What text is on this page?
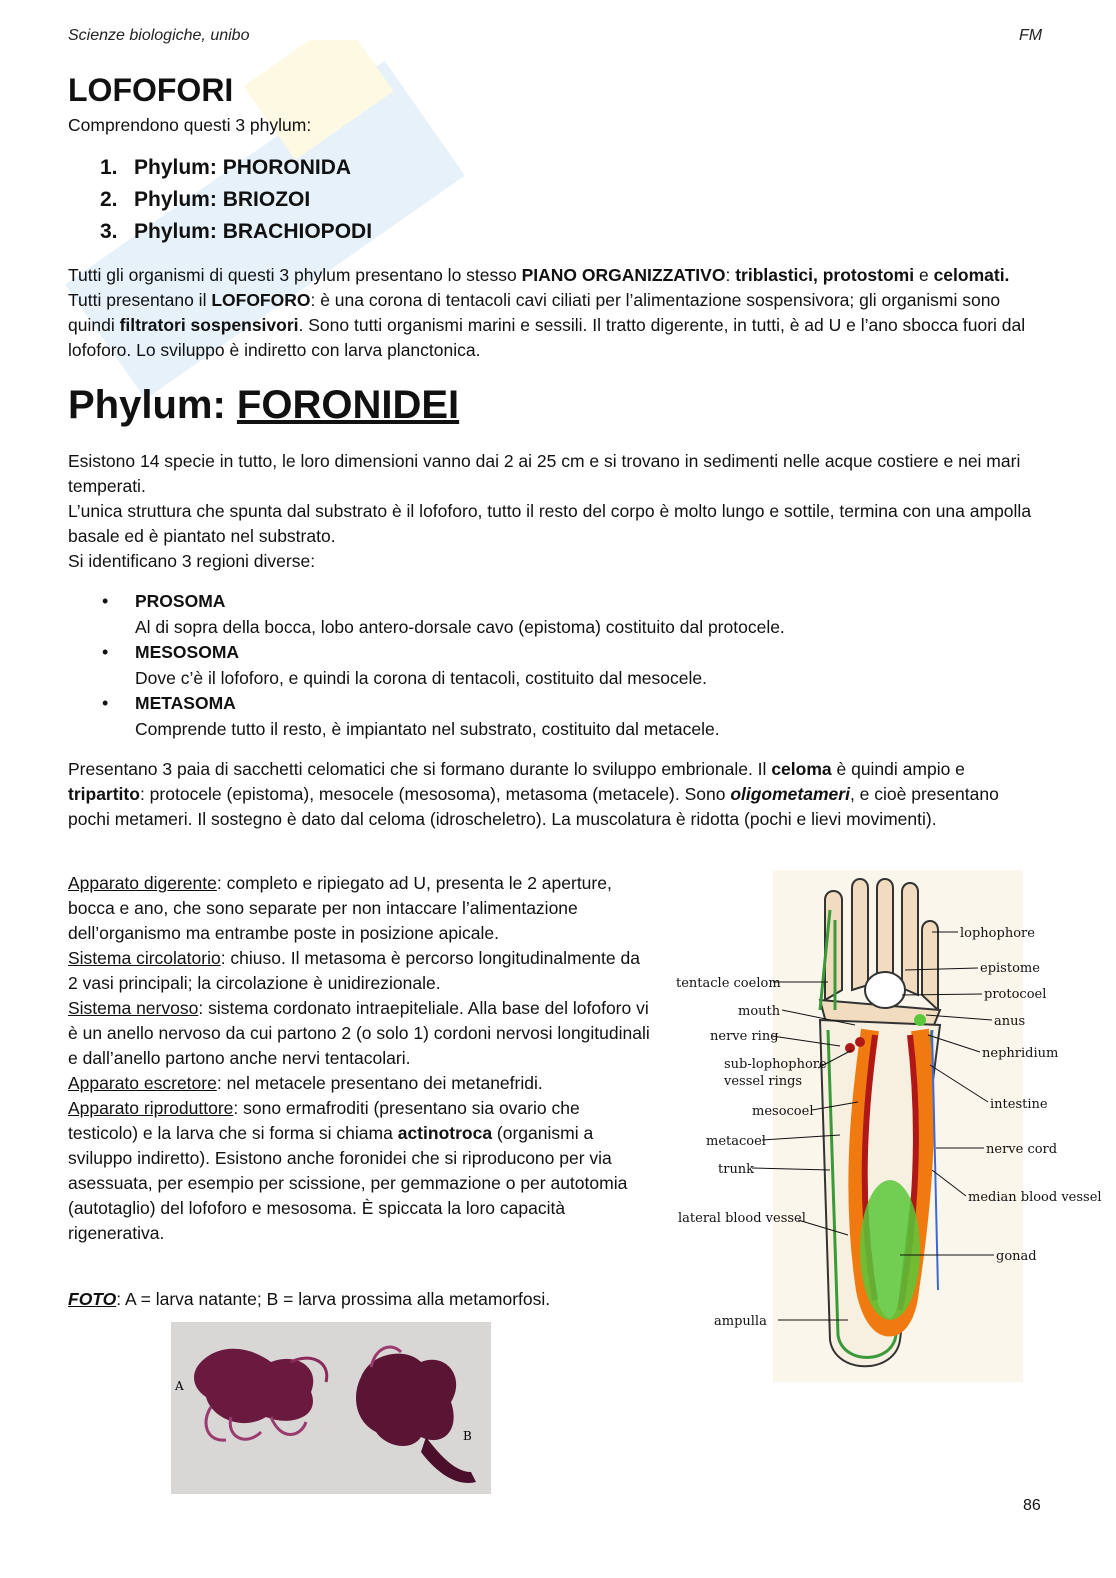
Scienze biologiche, unibo	FM
LOFOFORI
Comprendono questi 3 phylum:
1. Phylum: PHORONIDA
2. Phylum: BRIOZOI
3. Phylum: BRACHIOPODI
Tutti gli organismi di questi 3 phylum presentano lo stesso PIANO ORGANIZZATIVO: triblastici, protostomi e celomati. Tutti presentano il LOFOFORO: è una corona di tentacoli cavi ciliati per l’alimentazione sospensivora; gli organismi sono quindi filtratori sospensivori. Sono tutti organismi marini e sessili. Il tratto digerente, in tutti, è ad U e l’ano sbocca fuori dal lofoforo. Lo sviluppo è indiretto con larva planctonica.
Phylum: FORONIDEI
Esistono 14 specie in tutto, le loro dimensioni vanno dai 2 ai 25 cm e si trovano in sedimenti nelle acque costiere e nei mari temperati.
L’unica struttura che spunta dal substrato è il lofoforo, tutto il resto del corpo è molto lungo e sottile, termina con una ampolla basale ed è piantato nel substrato.
Si identificano 3 regioni diverse:
• PROSOMA
Al di sopra della bocca, lobo antero-dorsale cavo (epistoma) costituito dal protocele.
• MESOSOMA
Dove c’è il lofoforo, e quindi la corona di tentacoli, costituito dal mesocele.
• METASOMA
Comprende tutto il resto, è impiantato nel substrato, costituito dal metacele.
Presentano 3 paia di sacchetti celomatici che si formano durante lo sviluppo embrionale. Il celoma è quindi ampio e tripartito: protocele (epistoma), mesocele (mesosoma), metasoma (metacele). Sono oligometameri, e cioè presentano pochi metameri. Il sostegno è dato dal celoma (idroscheletro). La muscolatura è ridotta (pochi e lievi movimenti).
Apparato digerente: completo e ripiegato ad U, presenta le 2 aperture, bocca e ano, che sono separate per non intaccare l’alimentazione dell’organismo ma entrambe poste in posizione apicale.
Sistema circolatorio: chiuso. Il metasoma è percorso longitudinalmente da 2 vasi principali; la circolazione è unidirezionale.
Sistema nervoso: sistema cordonato intraepiteliale. Alla base del lofoforo vi è un anello nervoso da cui partono 2 (o solo 1) cordoni nervosi longitudinali e dall’anello partono anche nervi tentacolari.
Apparato escretore: nel metacele presentano dei metanefridi.
Apparato riproduttore: sono ermafroditi (presentano sia ovario che testicolo) e la larva che si forma si chiama actinotroca (organismi a sviluppo indiretto). Esistono anche foronidei che si riproducono per via asessuata, per esempio per scissione, per gemmazione o per autotomia (autotaglio) del lofoforo e mesosoma. È spiccata la loro capacità rigenerativa.
FOTO: A = larva natante; B = larva prossima alla metamorfosi.
A
B
lophophore
epistome
protocoel
anus
nephridium
intestine
nerve cord
median blood vessel
gonad
tentacle coelom
mouth
nerve ring
sub-lophophore
vessel rings
mesocoel
metacoel
trunk
lateral blood vessel
ampulla
86
